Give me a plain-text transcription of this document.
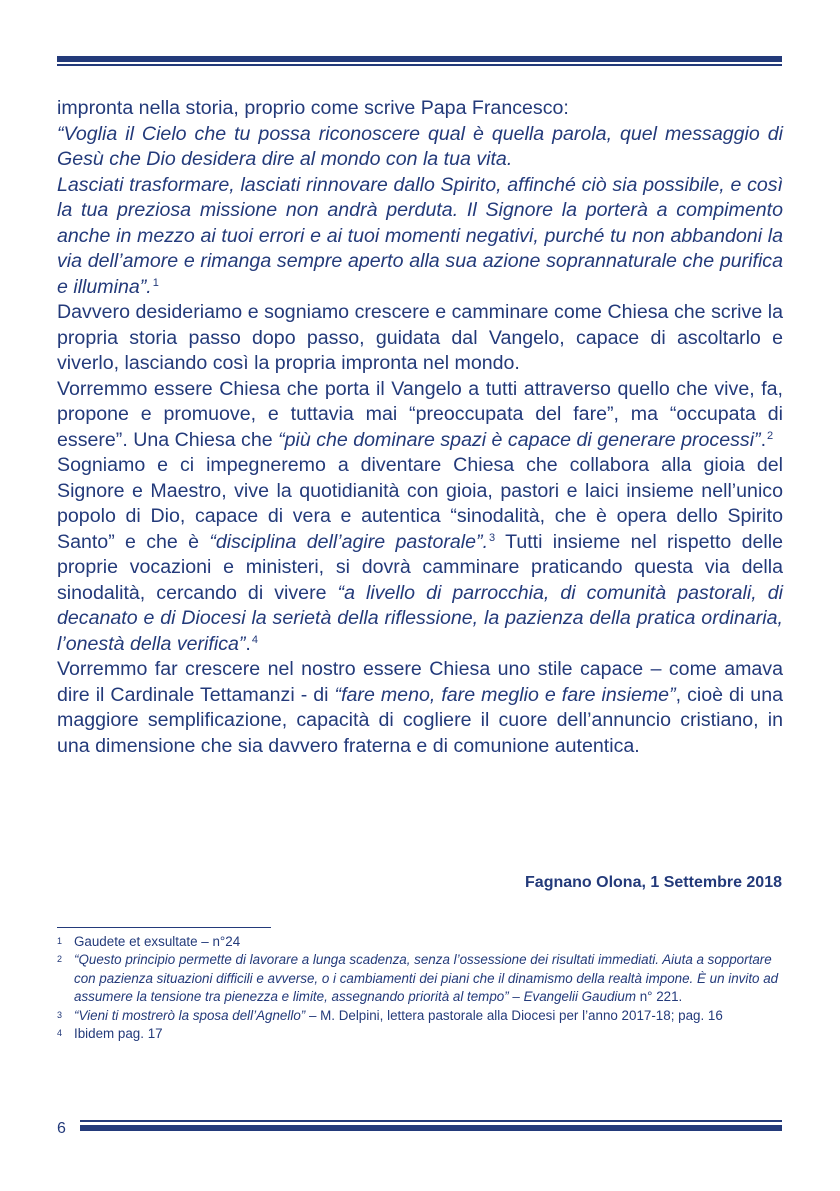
impronta nella storia, proprio come scrive Papa Francesco:

“Voglia il Cielo che tu possa riconoscere qual è quella parola, quel messaggio di Gesù che Dio desidera dire al mondo con la tua vita.

Lasciati trasformare, lasciati rinnovare dallo Spirito, affinché ciò sia possibile, e così la tua preziosa missione non andrà perduta. Il Signore la porterà a compimento anche in mezzo ai tuoi errori e ai tuoi momenti negativi, purché tu non abbandoni la via dell’amore e rimanga sempre aperto alla sua azione soprannaturale che purifica e illumina”.$^1$

Davvero desideriamo e sogniamo crescere e camminare come Chiesa che scrive la propria storia passo dopo passo, guidata dal Vangelo, capace di ascoltarlo e viverlo, lasciando così la propria impronta nel mondo.

Vorremmo essere Chiesa che porta il Vangelo a tutti attraverso quello che vive, fa, propone e promuove, e tuttavia mai “preoccupata del fare”, ma “occupata di essere”. Una Chiesa che “più che dominare spazi è capace di generare processi”.$^2$

Sogniamo e ci impegneremo a diventare Chiesa che collabora alla gioia del Signore e Maestro, vive la quotidianità con gioia, pastori e laici insieme nell’unico popolo di Dio, capace di vera e autentica “sinodalità, che è opera dello Spirito Santo” e che è “disciplina dell’agire pastorale”.$^3$ Tutti insieme nel rispetto delle proprie vocazioni e ministeri, si dovrà camminare praticando questa via della sinodalità, cercando di vivere “a livello di parrocchia, di comunità pastorali, di decanato e di Diocesi la serietà della riflessione, la pazienza della pratica ordinaria, l’onestà della verifica”.$^4$

Vorremmo far crescere nel nostro essere Chiesa uno stile capace – come amava dire il Cardinale Tettamanzi - di “fare meno, fare meglio e fare insieme”, cioè di una maggiore semplificazione, capacità di cogliere il cuore dell’annuncio cristiano, in una dimensione che sia davvero fraterna e di comunione autentica.

Fagnano Olona, 1 Settembre 2018
1 Gaudete et exsultate – n°24
2 “Questo principio permette di lavorare a lunga scadenza, senza l’ossessione dei risultati immediati. Aiuta a sopportare con pazienza situazioni difficili e avverse, o i cambiamenti dei piani che il dinamismo della realtà impone. È un invito ad assumere la tensione tra pienezza e limite, assegnando priorità al tempo” – Evangelii Gaudium n° 221.
3 “Vieni ti mostrerò la sposa dell’Agnello” – M. Delpini, lettera pastorale alla Diocesi per l’anno 2017-18; pag. 16
4 Ibidem pag. 17
6
